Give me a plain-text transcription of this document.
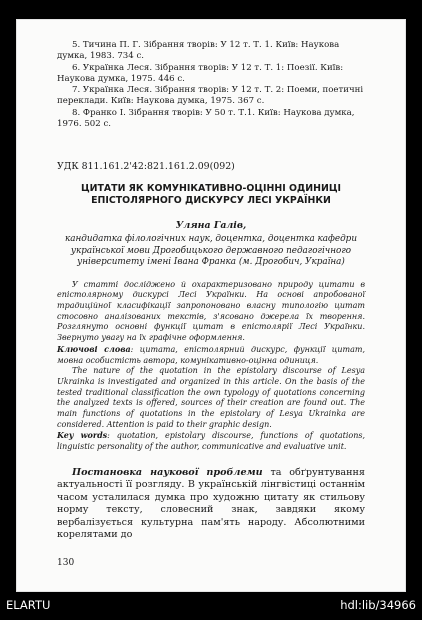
5. Тичина П. Г. Зібрання творів: У 12 т. Т. 1. Київ: Наукова думка, 1983. 734 с.

6. Українка Леся. Зібрання творів: У 12 т. Т. 1: Поезії. Київ: Наукова думка, 1975. 446 с.

7. Українка Леся. Зібрання творів: У 12 т. Т. 2: Поеми, поетичні переклади. Київ: Наукова думка, 1975. 367 с.

8. Франко І. Зібрання творів: У 50 т. Т.1. Київ: Наукова думка, 1976. 502 с.

УДК 811.161.2'42:821.161.2.09(092)
ЦИТАТИ ЯК КОМУНІКАТИВНО-ОЦІННІ ОДИНИЦІ
ЕПІСТОЛЯРНОГО ДИСКУРСУ ЛЕСІ УКРАЇНКИ
Уляна Галів,
кандидатка філологічних наук, доцентка, доцентка кафедри української мови Дрогобицького державного педагогічного університету імені Івана Франка (м. Дрогобич, Україна)

У статті досліджено й охарактеризовано природу цитати в епістолярному дискурсі Лесі Українки. На основі апробованої традиційної класифікації запропоновано власну типологію цитат стосовно аналізованих текстів, з'ясовано джерела їх творення. Розглянуто основні функції цитат в епістолярії Лесі Українки. Звернуто увагу на їх графічне оформлення.

Ключові слова: цитата, епістолярний дискурс, функції цитат, мовна особистість автора, комунікативно-оцінна одиниця.

The nature of the quotation in the epistolary discourse of Lesya Ukrainka is investigated and organized in this article. On the basis of the tested traditional classification the own typology of quotations concerning the analyzed texts is offered, sources of their creation are found out. The main functions of quotations in the epistolary of Lesya Ukrainka are considered. Attention is paid to their graphic design.

Key words: quotation, epistolary discourse, functions of quotations, linguistic personality of the author, communicative and evaluative unit.

Постановка наукової проблеми та обґрунтування актуальності її розгляду. В українській лінгвістиці останнім часом усталилася думка про художню цитату як стильову норму тексту, словесний знак, завдяки якому вербалізується культурна пам'ять народу. Абсолютними корелятами до

130
ELARTU	hdl:lib/34966
